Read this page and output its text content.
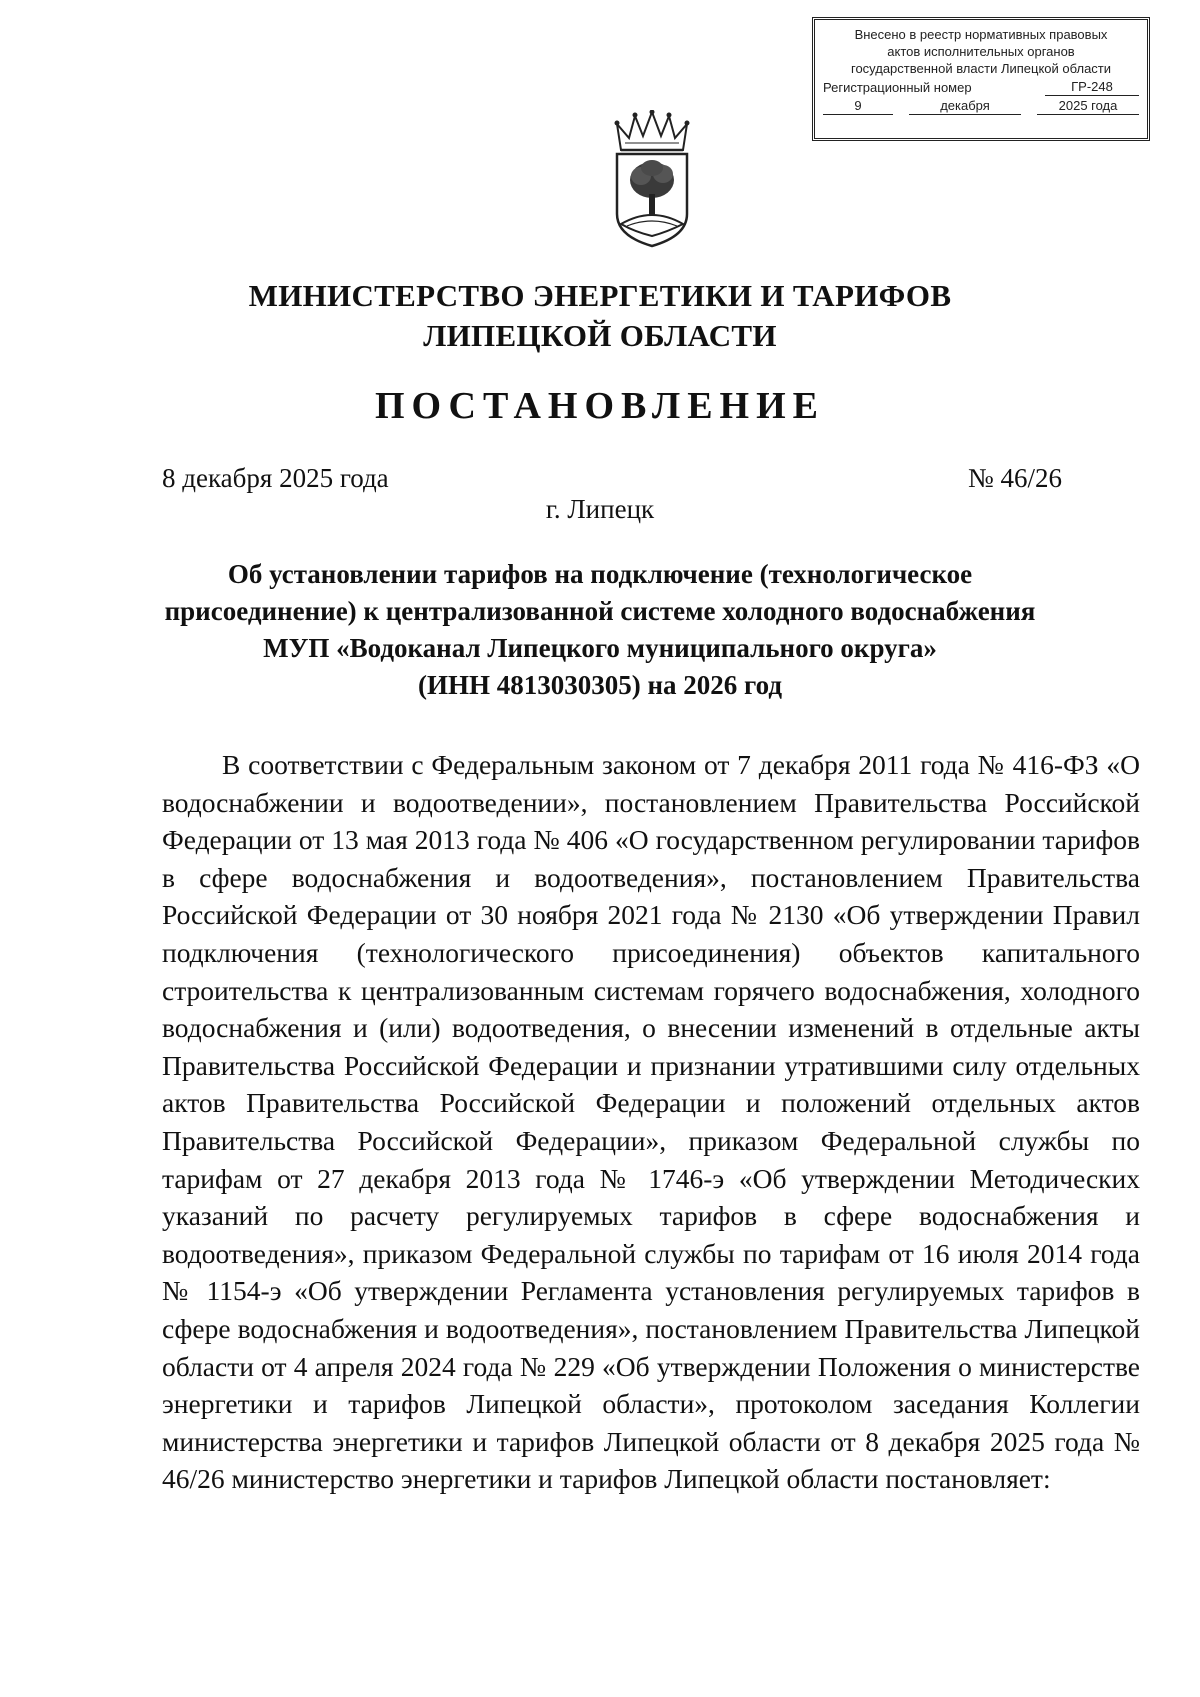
Внесено в реестр нормативных правовых
актов исполнительных органов
государственной власти Липецкой области
Регистрационный номер	ГР-248
9	декабря	2025 года
МИНИСТЕРСТВО ЭНЕРГЕТИКИ И ТАРИФОВ
ЛИПЕЦКОЙ ОБЛАСТИ
ПОСТАНОВЛЕНИЕ
8 декабря 2025 года	№ 46/26
г. Липецк
Об установлении тарифов на подключение (технологическое
присоединение) к централизованной системе холодного водоснабжения
МУП «Водоканал Липецкого муниципального округа»
(ИНН 4813030305) на 2026 год

В соответствии с Федеральным законом от 7 декабря 2011 года № 416-ФЗ «О водоснабжении и водоотведении», постановлением Правительства Российской Федерации от 13 мая 2013 года № 406 «О государственном регулировании тарифов в сфере водоснабжения и водоотведения», постановлением Правительства Российской Федерации от 30 ноября 2021 года № 2130 «Об утверждении Правил подключения (технологического присоединения) объектов капитального строительства к централизованным системам горячего водоснабжения, холодного водоснабжения и (или) водоотведения, о внесении изменений в отдельные акты Правительства Российской Федерации и признании утратившими силу отдельных актов Правительства Российской Федерации и положений отдельных актов Правительства Российской Федерации», приказом Федеральной службы по тарифам от 27 декабря 2013 года № 1746-э «Об утверждении Методических указаний по расчету регулируемых тарифов в сфере водоснабжения и водоотведения», приказом Федеральной службы по тарифам от 16 июля 2014 года № 1154-э «Об утверждении Регламента установления регулируемых тарифов в сфере водоснабжения и водоотведения», постановлением Правительства Липецкой области от 4 апреля 2024 года № 229 «Об утверждении Положения о министерстве энергетики и тарифов Липецкой области», протоколом заседания Коллегии министерства энергетики и тарифов Липецкой области от 8 декабря 2025 года № 46/26 министерство энергетики и тарифов Липецкой области постановляет:
